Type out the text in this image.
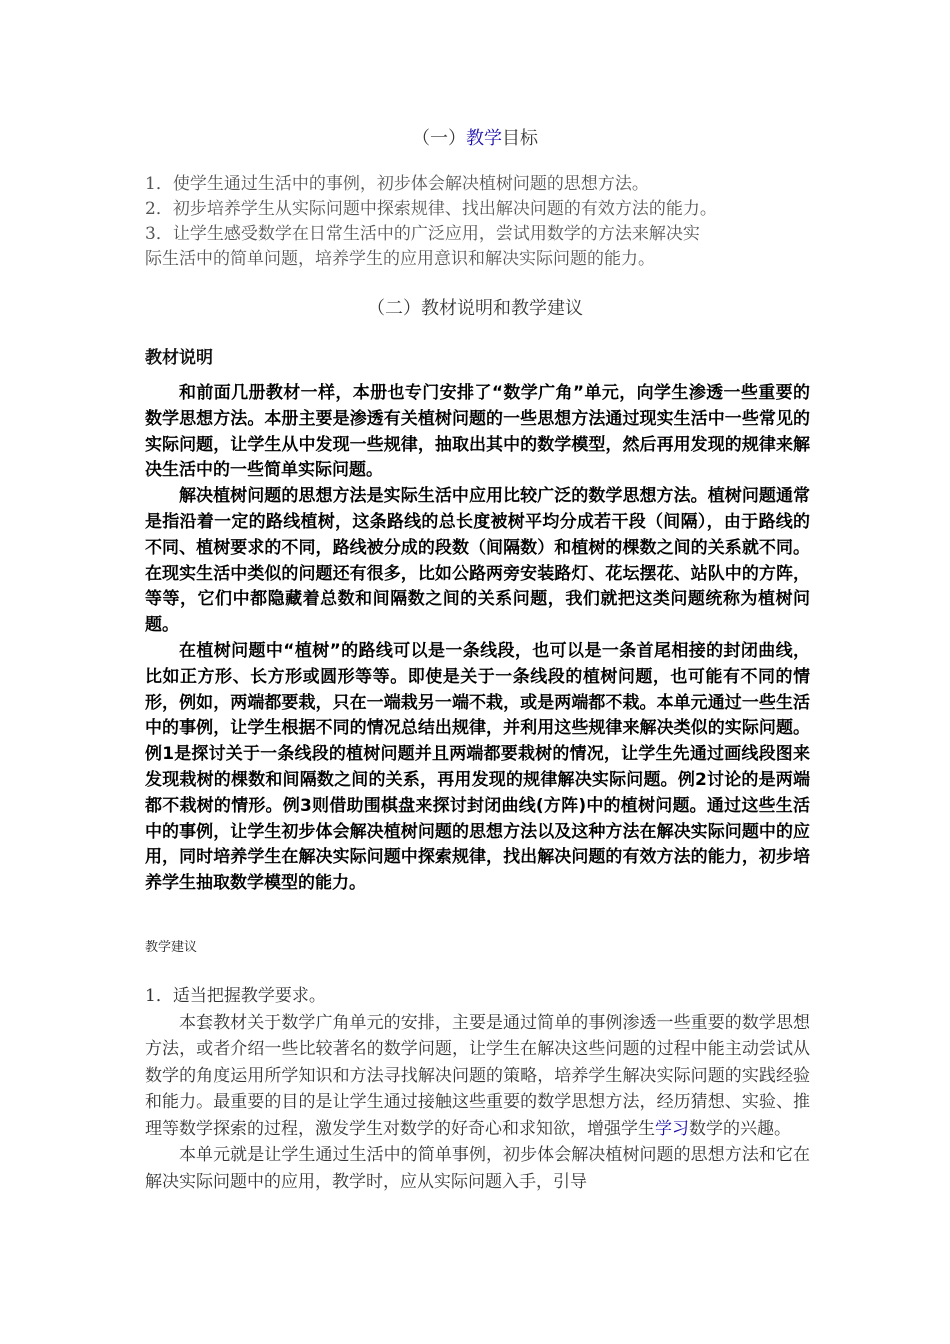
（一）教学目标
1．使学生通过生活中的事例，初步体会解决植树问题的思想方法。
2．初步培养学生从实际问题中探索规律、找出解决问题的有效方法的能力。
3．让学生感受数学在日常生活中的广泛应用，尝试用数学的方法来解决实
际生活中的简单问题，培养学生的应用意识和解决实际问题的能力。
（二）教材说明和教学建议
教材说明

和前面几册教材一样，本册也专门安排了“数学广角”单元，向学生渗透一些重要的数学思想方法。本册主要是渗透有关植树问题的一些思想方法通过现实生活中一些常见的实际问题，让学生从中发现一些规律，抽取出其中的数学模型，然后再用发现的规律来解决生活中的一些简单实际问题。

解决植树问题的思想方法是实际生活中应用比较广泛的数学思想方法。植树问题通常是指沿着一定的路线植树，这条路线的总长度被树平均分成若干段（间隔），由于路线的不同、植树要求的不同，路线被分成的段数（间隔数）和植树的棵数之间的关系就不同。在现实生活中类似的问题还有很多，比如公路两旁安装路灯、花坛摆花、站队中的方阵，等等，它们中都隐藏着总数和间隔数之间的关系问题，我们就把这类问题统称为植树问题。

在植树问题中“植树”的路线可以是一条线段，也可以是一条首尾相接的封闭曲线，比如正方形、长方形或圆形等等。即使是关于一条线段的植树问题，也可能有不同的情形，例如，两端都要栽，只在一端栽另一端不栽，或是两端都不栽。本单元通过一些生活中的事例，让学生根据不同的情况总结出规律，并利用这些规律来解决类似的实际问题。例1是探讨关于一条线段的植树问题并且两端都要栽树的情况，让学生先通过画线段图来发现栽树的棵数和间隔数之间的关系，再用发现的规律解决实际问题。例2讨论的是两端都不栽树的情形。例3则借助围棋盘来探讨封闭曲线(方阵)中的植树问题。通过这些生活中的事例，让学生初步体会解决植树问题的思想方法以及这种方法在解决实际问题中的应用，同时培养学生在解决实际问题中探索规律，找出解决问题的有效方法的能力，初步培养学生抽取数学模型的能力。

教学建议

1．适当把握教学要求。

本套教材关于数学广角单元的安排，主要是通过简单的事例渗透一些重要的数学思想方法，或者介绍一些比较著名的数学问题，让学生在解决这些问题的过程中能主动尝试从数学的角度运用所学知识和方法寻找解决问题的策略，培养学生解决实际问题的实践经验和能力。最重要的目的是让学生通过接触这些重要的数学思想方法，经历猜想、实验、推理等数学探索的过程，激发学生对数学的好奇心和求知欲，增强学生学习数学的兴趣。

本单元就是让学生通过生活中的简单事例，初步体会解决植树问题的思想方法和它在解决实际问题中的应用，教学时，应从实际问题入手，引导
